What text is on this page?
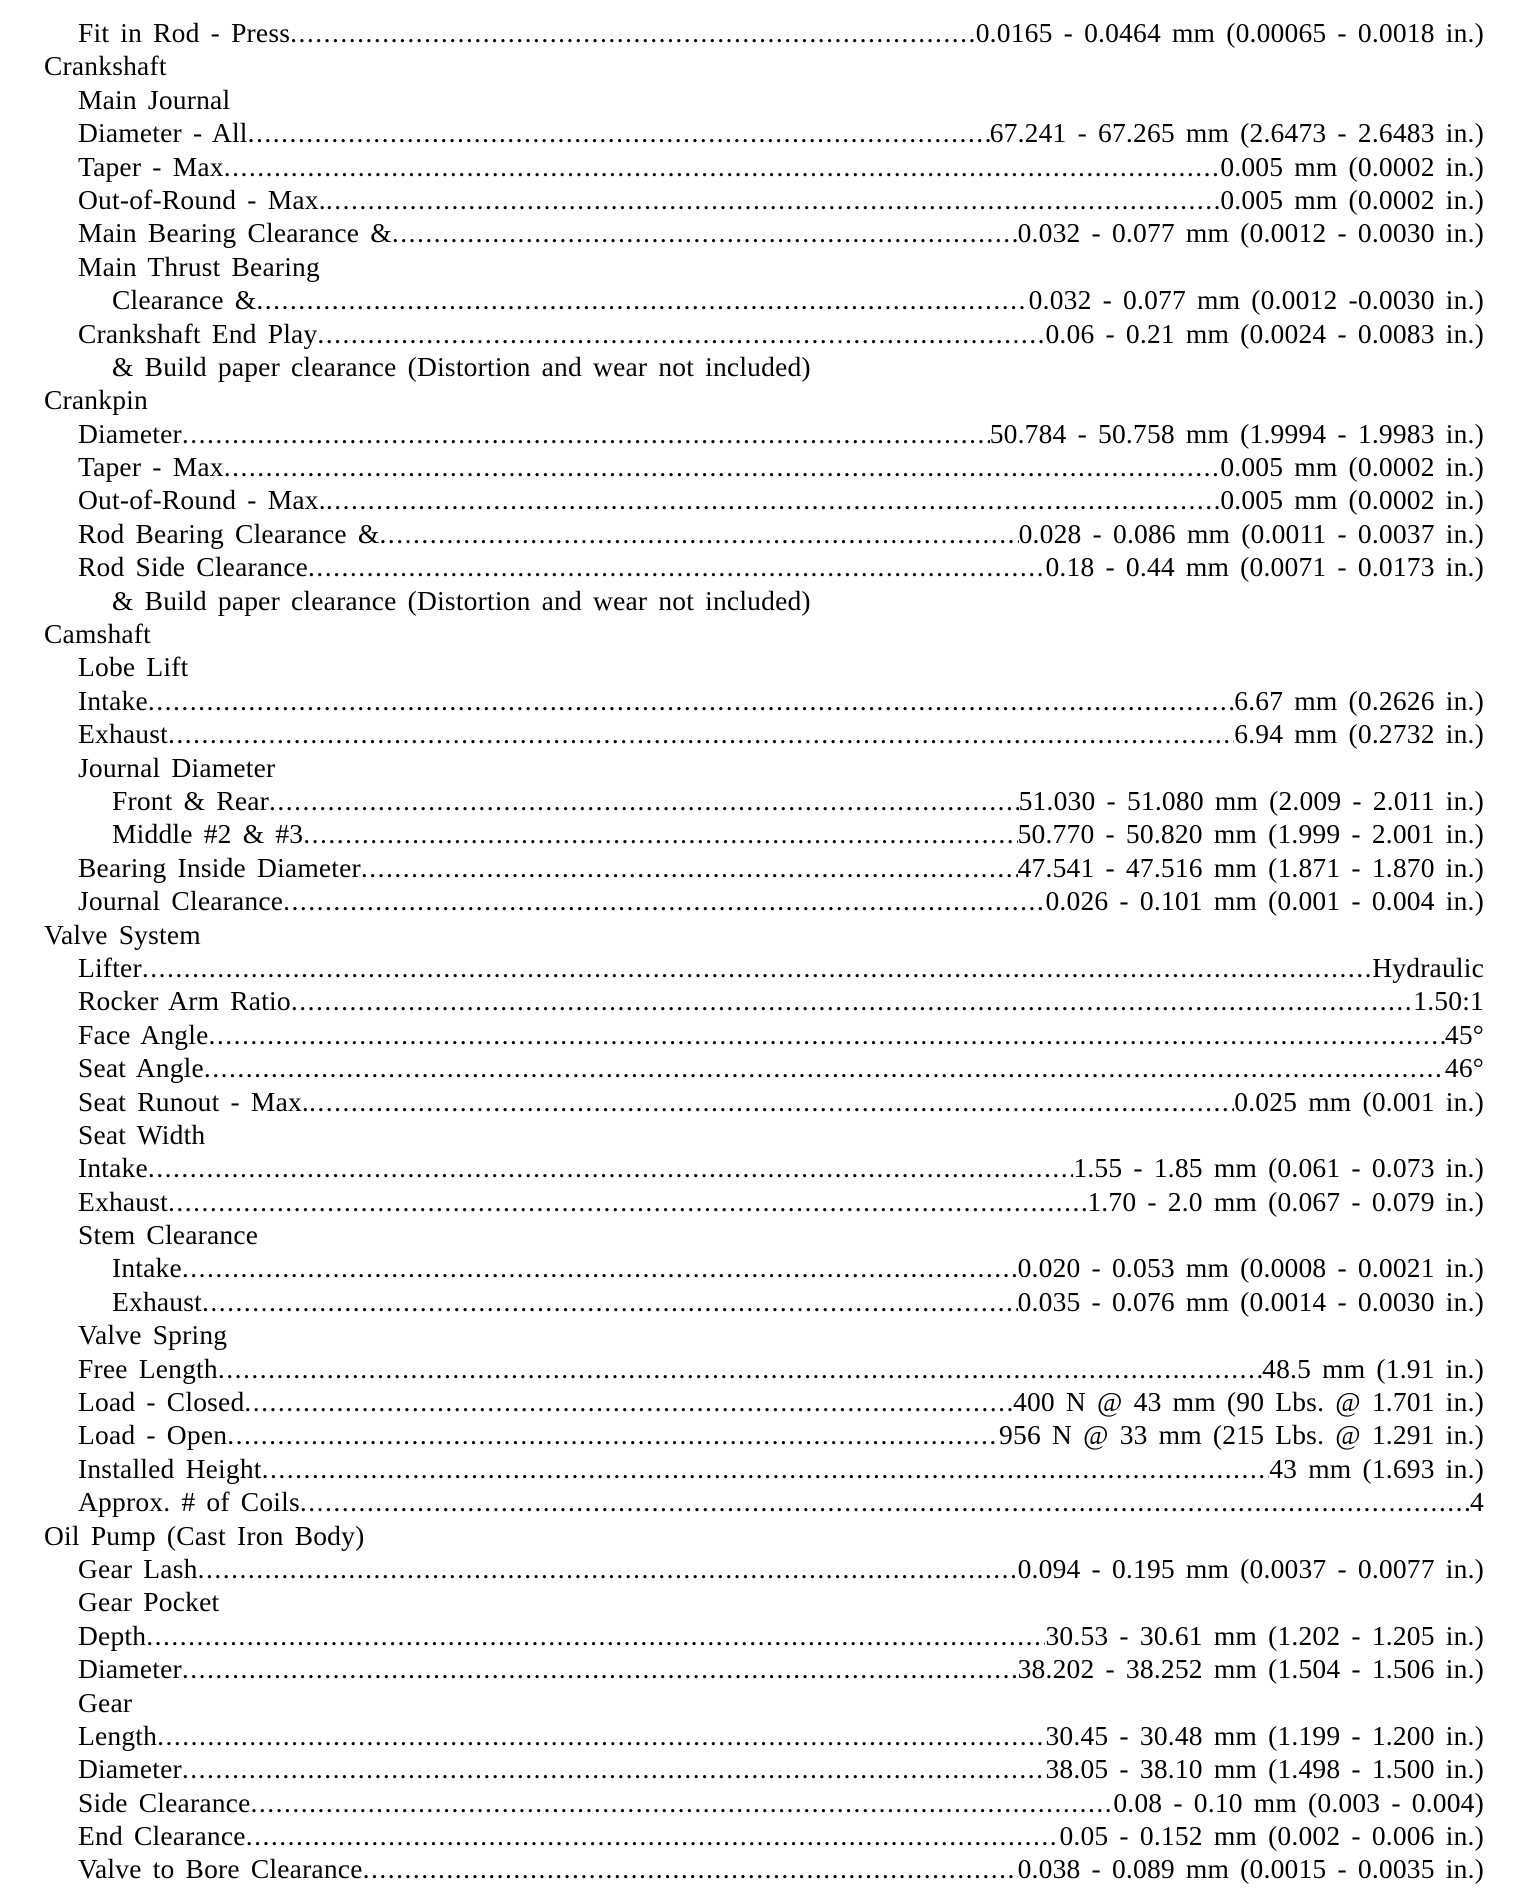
Fit in Rod - Press .....	0.0165 - 0.0464 mm (0.00065 - 0.0018 in.)
Crankshaft
Main Journal
Diameter - All .....	67.241 - 67.265 mm (2.6473 - 2.6483 in.)
Taper - Max .....	0.005 mm (0.0002 in.)
Out-of-Round - Max. .....	0.005 mm (0.0002 in.)
Main Bearing Clearance & .....	0.032 - 0.077 mm (0.0012 - 0.0030 in.)
Main Thrust Bearing
Clearance & .....	0.032 - 0.077 mm (0.0012 -0.0030 in.)
Crankshaft End Play .....	0.06 - 0.21 mm (0.0024 - 0.0083 in.)
& Build paper clearance (Distortion and wear not included)
Crankpin
Diameter .....	50.784 - 50.758 mm (1.9994 - 1.9983 in.)
Taper - Max .....	0.005 mm (0.0002 in.)
Out-of-Round - Max. .....	0.005 mm (0.0002 in.)
Rod Bearing Clearance & .....	0.028 - 0.086 mm (0.0011 - 0.0037 in.)
Rod Side Clearance .....	0.18 - 0.44 mm (0.0071 - 0.0173 in.)
& Build paper clearance (Distortion and wear not included)
Camshaft
Lobe Lift
Intake .....	6.67 mm (0.2626 in.)
Exhaust .....	6.94 mm (0.2732 in.)
Journal Diameter
Front & Rear .....	51.030 - 51.080 mm (2.009 - 2.011 in.)
Middle #2 & #3 .....	50.770 - 50.820 mm (1.999 - 2.001 in.)
Bearing Inside Diameter .....	47.541 - 47.516 mm (1.871 - 1.870 in.)
Journal Clearance .....	0.026 - 0.101 mm (0.001 - 0.004 in.)
Valve System
Lifter .....	Hydraulic
Rocker Arm Ratio .....	1.50:1
Face Angle .....	45°
Seat Angle .....	46°
Seat Runout - Max. .....	0.025 mm (0.001 in.)
Seat Width
Intake .....	1.55 - 1.85 mm (0.061 - 0.073 in.)
Exhaust .....	1.70 - 2.0 mm (0.067 - 0.079 in.)
Stem Clearance
Intake .....	0.020 - 0.053 mm (0.0008 - 0.0021 in.)
Exhaust .....	0.035 - 0.076 mm (0.0014 - 0.0030 in.)
Valve Spring
Free Length .....	48.5 mm (1.91 in.)
Load - Closed .....	400 N @ 43 mm (90 Lbs. @ 1.701 in.)
Load - Open .....	956 N @ 33 mm (215 Lbs. @ 1.291 in.)
Installed Height .....	43 mm (1.693 in.)
Approx. # of Coils .....	4
Oil Pump (Cast Iron Body)
Gear Lash .....	0.094 - 0.195 mm (0.0037 - 0.0077 in.)
Gear Pocket
Depth .....	30.53 - 30.61 mm (1.202 - 1.205 in.)
Diameter .....	38.202 - 38.252 mm (1.504 - 1.506 in.)
Gear
Length .....	30.45 - 30.48 mm (1.199 - 1.200 in.)
Diameter .....	38.05 - 38.10 mm (1.498 - 1.500 in.)
Side Clearance .....	0.08 - 0.10 mm (0.003 - 0.004)
End Clearance .....	0.05 - 0.152 mm (0.002 - 0.006 in.)
Valve to Bore Clearance .....	0.038 - 0.089 mm (0.0015 - 0.0035 in.)
